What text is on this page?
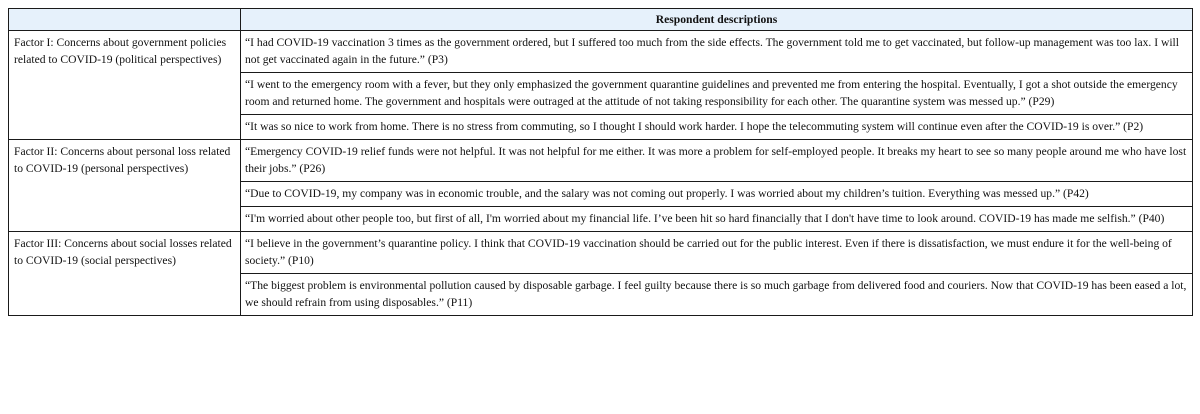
	Respondent descriptions
Factor I: Concerns about government policies related to COVID-19 (political perspectives)	“I had COVID-19 vaccination 3 times as the government ordered, but I suffered too much from the side effects. The government told me to get vaccinated, but follow-up management was too lax. I will not get vaccinated again in the future.” (P3)
	“I went to the emergency room with a fever, but they only emphasized the government quarantine guidelines and prevented me from entering the hospital. Eventually, I got a shot outside the emergency room and returned home. The government and hospitals were outraged at the attitude of not taking responsibility for each other. The quarantine system was messed up.” (P29)
	“It was so nice to work from home. There is no stress from commuting, so I thought I should work harder. I hope the telecommuting system will continue even after the COVID-19 is over.” (P2)
Factor II: Concerns about personal loss related to COVID-19 (personal perspectives)	“Emergency COVID-19 relief funds were not helpful. It was not helpful for me either. It was more a problem for self-employed people. It breaks my heart to see so many people around me who have lost their jobs.” (P26)
	“Due to COVID-19, my company was in economic trouble, and the salary was not coming out properly. I was worried about my children’s tuition. Everything was messed up.” (P42)
	“I'm worried about other people too, but first of all, I'm worried about my financial life. I’ve been hit so hard financially that I don't have time to look around. COVID-19 has made me selfish.” (P40)
Factor III: Concerns about social losses related to COVID-19 (social perspectives)	“I believe in the government’s quarantine policy. I think that COVID-19 vaccination should be carried out for the public interest. Even if there is dissatisfaction, we must endure it for the well-being of society.” (P10)
	“The biggest problem is environmental pollution caused by disposable garbage. I feel guilty because there is so much garbage from delivered food and couriers. Now that COVID-19 has been eased a lot, we should refrain from using disposables.” (P11)
